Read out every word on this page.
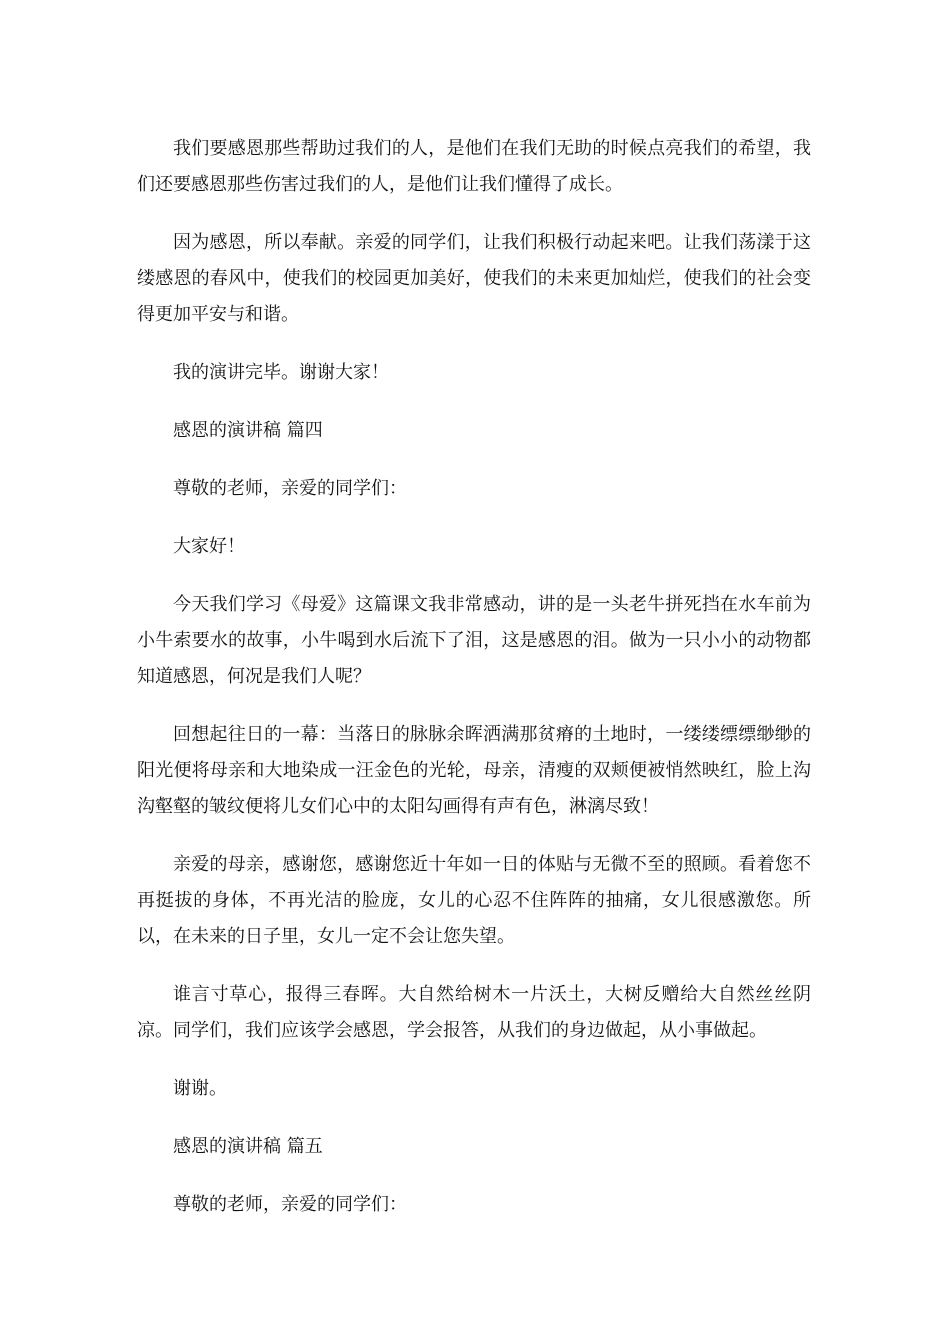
我们要感恩那些帮助过我们的人，是他们在我们无助的时候点亮我们的希望，我们还要感恩那些伤害过我们的人，是他们让我们懂得了成长。

因为感恩，所以奉献。亲爱的同学们，让我们积极行动起来吧。让我们荡漾于这缕感恩的春风中，使我们的校园更加美好，使我们的未来更加灿烂，使我们的社会变得更加平安与和谐。

我的演讲完毕。谢谢大家！

感恩的演讲稿 篇四

尊敬的老师，亲爱的同学们：

大家好！

今天我们学习《母爱》这篇课文我非常感动，讲的是一头老牛拼死挡在水车前为小牛索要水的故事，小牛喝到水后流下了泪，这是感恩的泪。做为一只小小的动物都知道感恩，何况是我们人呢？

回想起往日的一幕：当落日的脉脉余晖洒满那贫瘠的土地时，一缕缕缥缥缈缈的阳光便将母亲和大地染成一汪金色的光轮，母亲，清瘦的双颊便被悄然映红，脸上沟沟壑壑的皱纹便将儿女们心中的太阳勾画得有声有色，淋漓尽致！

亲爱的母亲，感谢您，感谢您近十年如一日的体贴与无微不至的照顾。看着您不再挺拔的身体，不再光洁的脸庞，女儿的心忍不住阵阵的抽痛，女儿很感激您。所以，在未来的日子里，女儿一定不会让您失望。

谁言寸草心，报得三春晖。大自然给树木一片沃土，大树反赠给大自然丝丝阴凉。同学们，我们应该学会感恩，学会报答，从我们的身边做起，从小事做起。

谢谢。

感恩的演讲稿 篇五

尊敬的老师，亲爱的同学们：
